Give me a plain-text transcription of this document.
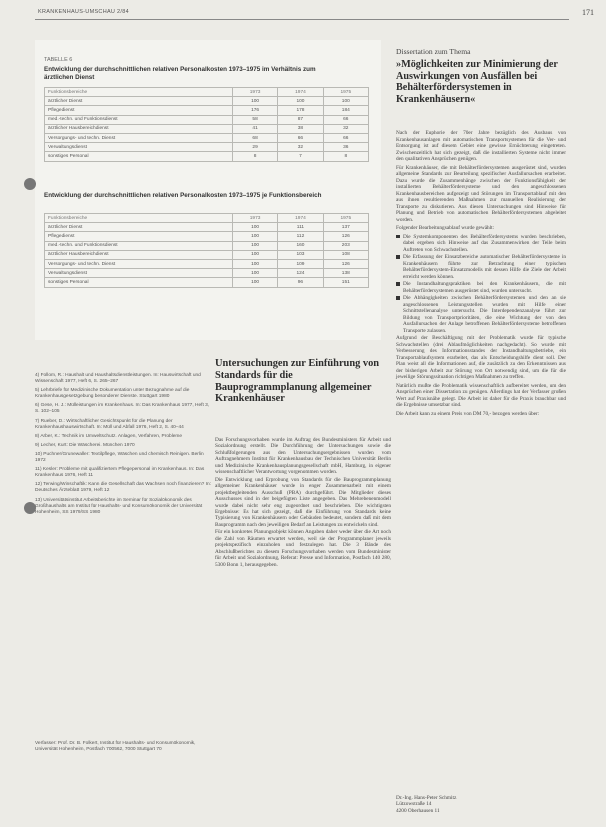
KRANKENHAUS-UMSCHAU 2/84	171
TABELLE 6
Entwicklung der durchschnittlichen relativen Personalkosten 1973–1975 im Verhältnis zum ärztlichen Dienst
Funktionsbereiche	1973	1974	1975
ärztlicher Dienst	100	100	100
Pflegedienst	176	178	184
med.-techn. und Funktionsdienst	58	87	66
ärztlicher Hausbereichdienst	41	38	32
Versorgungs- und techn. Dienst	68	66	66
Verwaltungsdienst	29	32	36
sonstiges Personal	8	7	8
Entwicklung der durchschnittlichen relativen Personalkosten 1973–1975 je Funktionsbereich
Funktionsbereiche	1973	1974	1975
ärztlicher Dienst	100	111	137
Pflegedienst	100	112	126
med.-techn. und Funktionsdienst	100	160	203
ärztlicher Hausbereichdienst	100	103	108
Versorgungs- und techn. Dienst	100	109	126
Verwaltungsdienst	100	124	138
sonstiges Personal	100	96	151

4) Follom, R.: Haushalt und Haushaltsdienstleistungen. In: Hauswirtschaft und Wissenschaft 1977, Heft 6, S. 265–267

5) Lehrbriefe für Medizinische Dokumentation unter Bezugnahme auf die Krankenhausgesetzgebung besonderer Dienste. Stuttgart 1980

6) Gese, H. J.: Mülleistungen im Krankenhaus. In: Das Krankenhaus 1977, Heft 3, S. 102–105

7) Rueber, D.: Wirtschaftlicher Gesichtspunkt für die Planung der Krankenhaushauswirtschaft. In: Müll und Abfall 1976, Heft 2, S. 40–44

8) Arber, K.: Technik im Umweltschutz. Anlagen, Verfahren, Probleme

9) Lecher, Kurt: Die Wäscherei. München 1970

10) Puchner/Grunewaller: Textilpflege, Wäschen und chemisch Reinigen. Berlin 1972

11) Kesler: Probleme mit qualifiziertem Pflegepersonal im Krankenhaus. In: Das Krankenhaus 1976, Heft 11

12) Terwing/Winschaftik: Kann die Gesellschaft das Wachsen noch finanzieren? In: Deutsches Ärzteblatt 1979, Heft 12

13) Universitätsinstitut Arbeitsberichte im Seminar für Sozialökonomik des Großhaushalts am Institut für Haushalts- und Konsumökonomik der Universität Hohenheim, SS 1979/SS 1980

Verfasser: Prof. Dr. B. Folkert, Institut für Haushalts- und Konsumökonomik, Universität Hohenheim, Postfach 700562, 7000 Stuttgart 70
Untersuchungen zur Einführung von Standards für die Bauprogrammplanung allgemeiner Krankenhäuser

Das Forschungsvorhaben wurde im Auftrag des Bundesministers für Arbeit und Sozialordnung erstellt. Die Durchführung der Untersuchungen sowie die Schlußfolgerungen aus den Untersuchungsergebnissen wurden vom Auftragnehmern Institut für Krankenhausbau der Technischen Universität Berlin und Medizinische Krankenhausplanungsgesellschaft mbH, Hamburg, in eigener wissenschaftlicher Verantwortung vorgenommen worden.

Die Entwicklung und Erprobung von Standards für die Bauprogrammplanung allgemeiner Krankenhäuser wurde in enger Zusammenarbeit mit einem projektbegleitenden Ausschuß (PBA) durchgeführt. Die Mitglieder dieses Ausschusses sind in der beigefügten Liste angegeben. Das Mehrebenenmodell wurde dabei nicht sehr eng zugeordnet und beschrieben. Die wichtigsten Ergebnisse: Es hat sich gezeigt, daß die Einführung von Standards keine Typisierung von Krankenhäusern oder Gebäuden bedeutet, sondern daß mit dem Bauprogramm nach den jeweiligen Bedarf an Leistungen zu entwickeln sind.

Für ein konkretes Planungsobjekt können Angaben daher weder über die Art noch die Zahl von Räumen erwartet werden, weil sie der Programmplaner jeweils projektspezifisch einzuholen und festzulegen hat. Die 3 Bände des Abschlußberichtes zu diesem Forschungsvorhaben werden vom Bundesminister für Arbeit und Sozialordnung, Referat: Presse und Information, Postfach 140 280, 5300 Bonn 1, herausgegeben.

Dissertation zum Thema
»Möglichkeiten zur Minimierung der Auswirkungen von Ausfällen bei Behälterfördersystemen in Krankenhäusern«

Nach der Euphorie der 70er Jahre bezüglich des Ausbaus von Krankenhausanlagen mit automatischen Transportsystemen für die Ver- und Entsorgung ist auf diesem Gebiet eine gewisse Ernüchterung eingetreten. Zwischenzeitlich hat sich gezeigt, daß die installierten Systeme nicht immer den qualitativen Ansprüchen genügen.

Für Krankenhäuser, die mit Behälterfördersystemen ausgerüstet sind, wurden allgemeine Standards zur Beurteilung spezifischer Ausfallursachen erarbeitet. Dazu wurde die Zusammenhänge zwischen der Funktionsfähigkeit der installierten Behälterfördersysteme und den angeschlossenen Krankenhausbereichen aufgezeigt und Störungen im Transportablauf mit den aus ihnen resultierenden Maßnahmen zur manuellen Realisierung der Transporte zu diskutieren. Aus diesen Untersuchungen sind Hinweise für Planung und Betrieb von automatischen Behälterfördersystemen abgeleitet worden.

Folgender Bearbeitungsablauf wurde gewählt:

Die Systemkomponenten des Behälterfördersystems wurden beschrieben, dabei ergeben sich Hinweise auf das Zusammenwirken der Teile beim Auftreten von Schwachstellen.
Die Erfassung der Einsatzbereiche automatischer Behälterfördersysteme in Krankenhäusern führte zur Betrachtung einer typischen Behälterfördersystem-Einsatzmodells mit dessen Hilfe die Ziele der Arbeit erreicht werden können.
Die Instandhaltungspraktiken bei den Krankenhäusern, die mit Behälterfördersystemen ausgerüstet sind, wurden untersucht.
Die Abhängigkeiten zwischen Behälterfördersystemen und den an sie angeschlossenen Leistungsstellen wurden mit Hilfe einer Schnittstellenanalyse untersucht. Die Interdependenzanalyse führt zur Bildung von Transportprioritäten, die eine Wichtung der von den Ausfallursachen der Anlage betroffenen Behälterfördersysteme betroffenen Transporte zulassen.

Aufgrund der Beschäftigung mit der Problematik wurde für typische Schwachstellen (drei Ablaufmöglichkeiten nachgedacht). So wurde mit Verbesserung des Informationsstandes der Instandhaltungsbetriebe, ein Transportablaufsystem erarbeitet, das als Entscheidungshilfe dient soll. Der Plan weist all die Informationen auf, die zusätzlich zu den Erkenntnissen aus der bisherigen Arbeit zur Störung von Ort notwendig sind, um die für die jeweilige Störungssituation richtigen Maßnahmen zu treffen.

Natürlich mußte die Problematik wissenschaftlich aufbereitet werden, um den Ansprüchen einer Dissertation zu genügen. Allerdings hat der Verfasser großen Wert auf Praxisnähe gelegt. Die Arbeit ist daher für die Praxis brauchbar und die Ergebnisse umsetzbar sind.

Die Arbeit kann zu einem Preis von DM 70,- bezogen werden über:

Dr.-Ing. Hans-Peter Schmitz
Lützowstraße 14
4200 Oberhausen 11
